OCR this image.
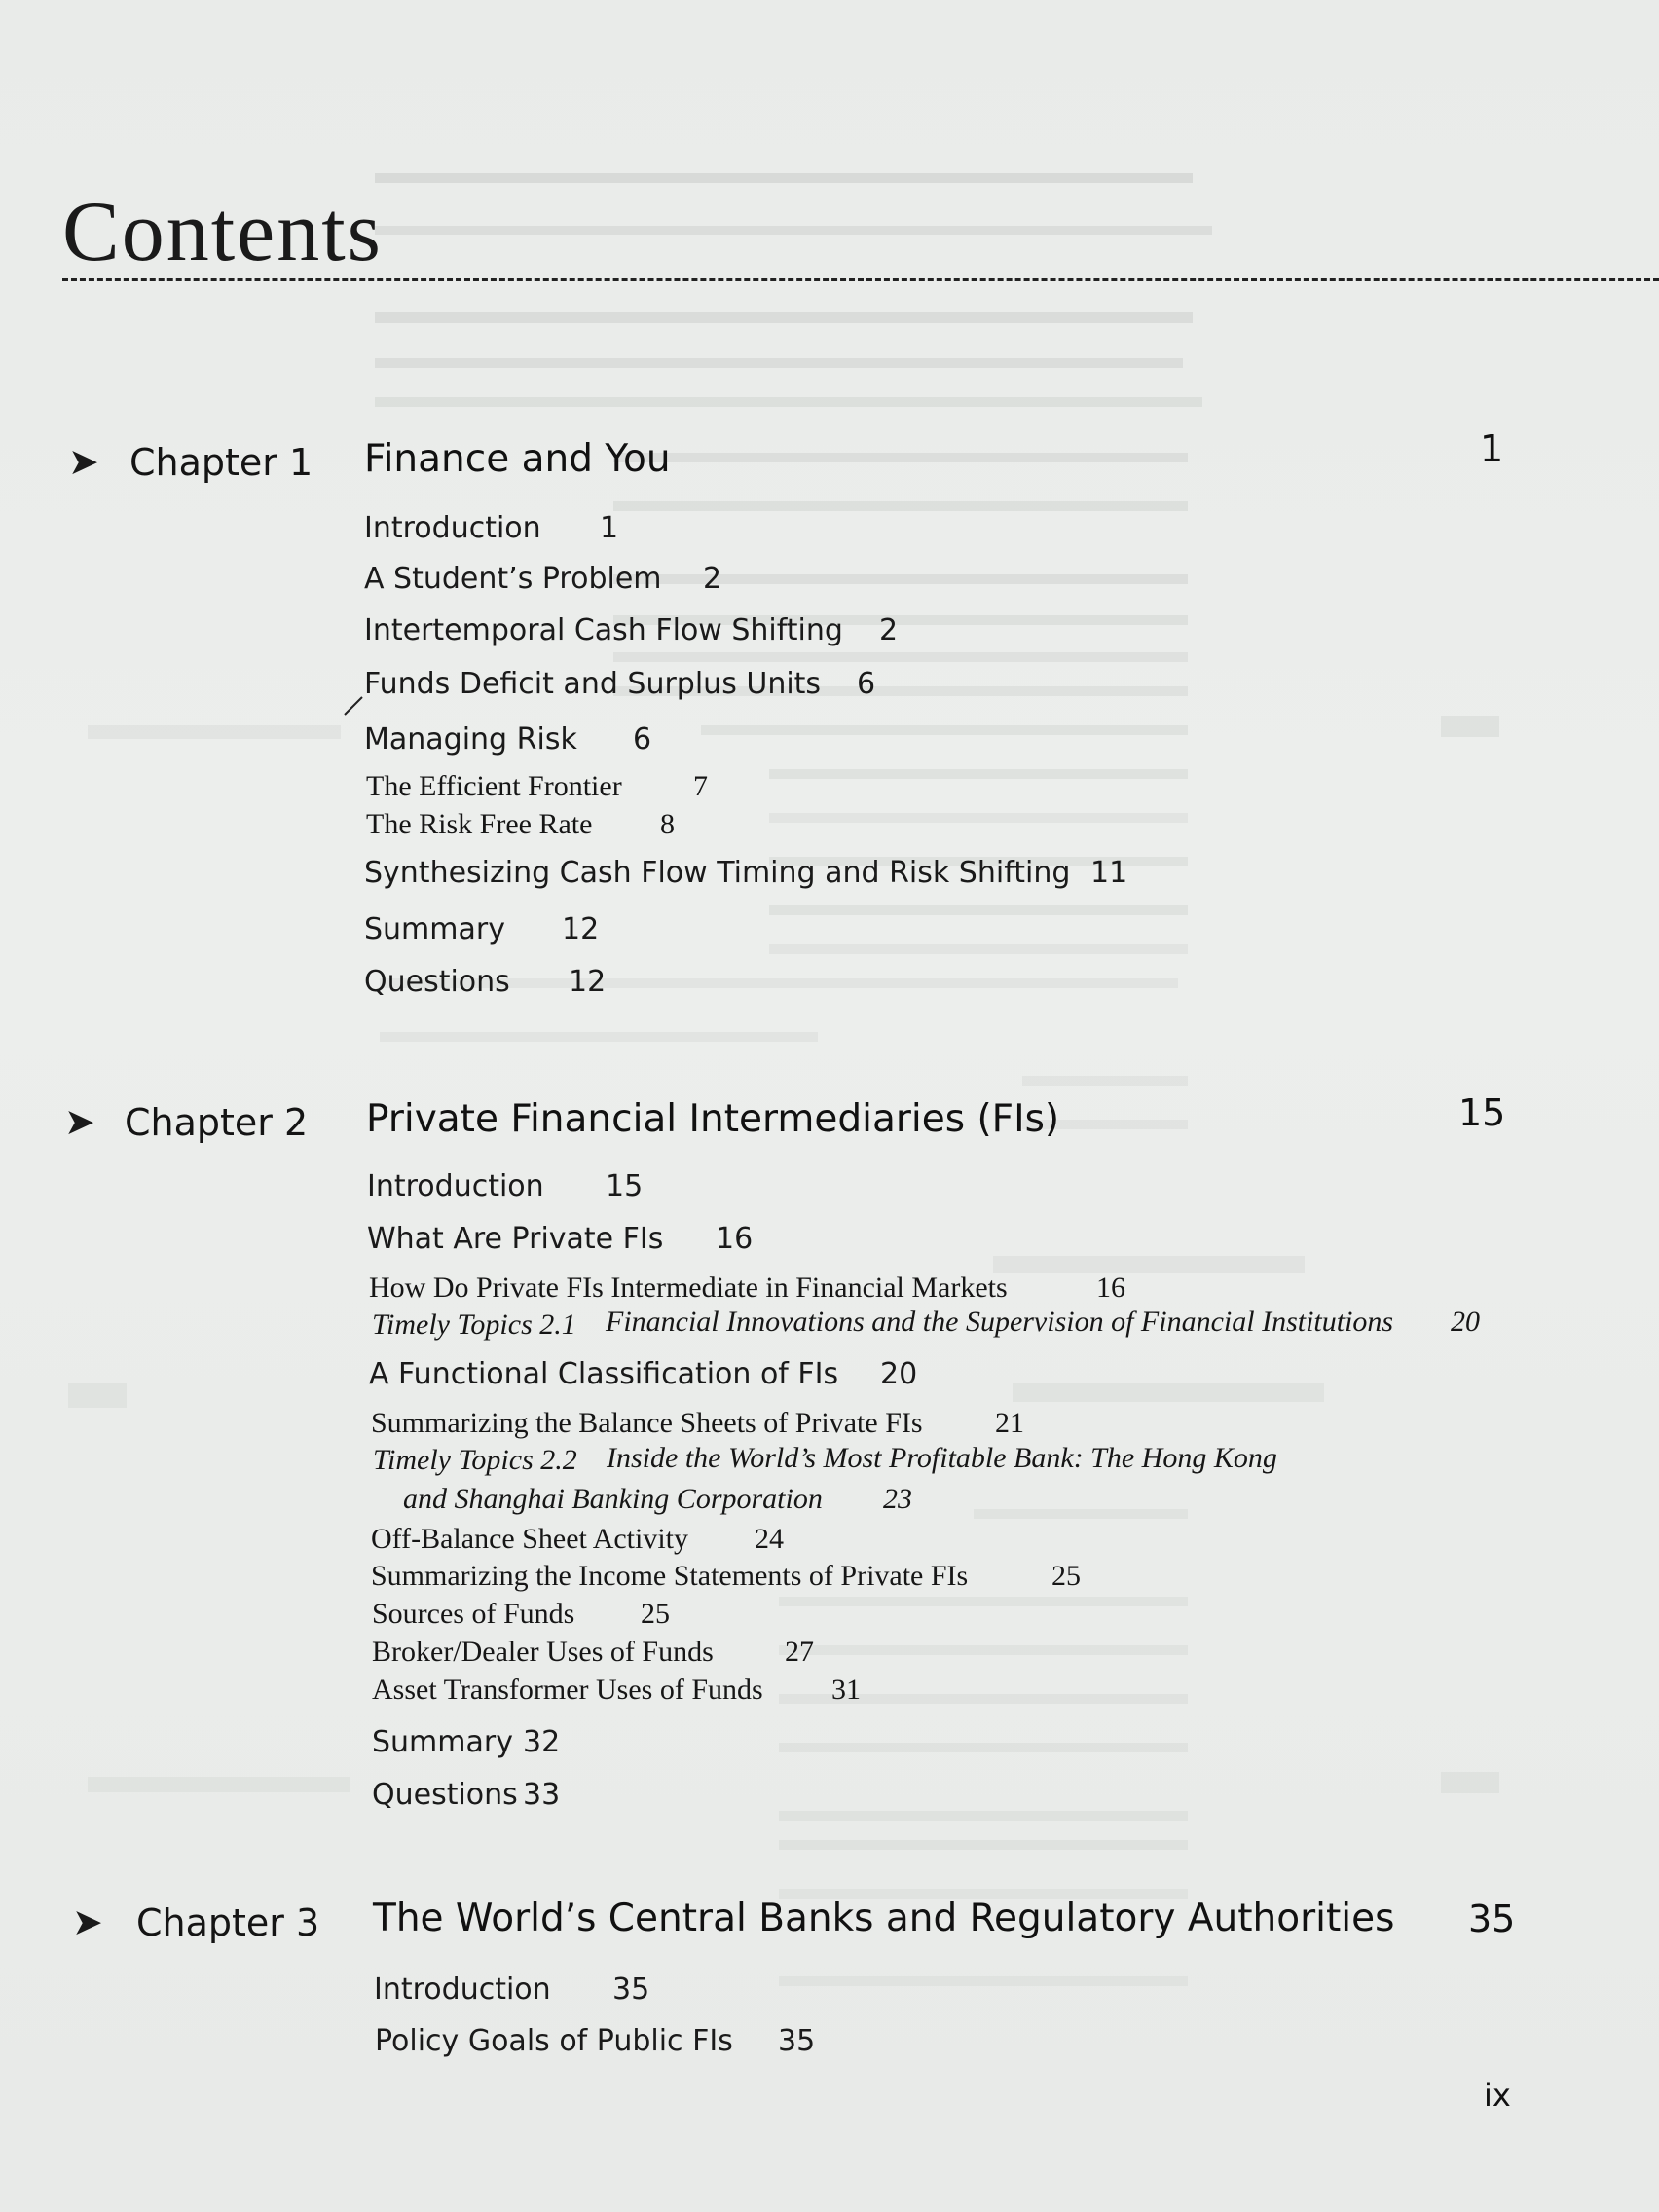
Contents
➤ Chapter 1 Finance and You	1
Introduction 1
A Student’s Problem 2
Intertemporal Cash Flow Shifting 2
Funds Deficit and Surplus Units 6
Managing Risk 6
The Efficient Frontier 7
The Risk Free Rate 8
Synthesizing Cash Flow Timing and Risk Shifting 11
Summary 12
Questions 12
➤ Chapter 2 Private Financial Intermediaries (FIs)	15
Introduction 15
What Are Private FIs 16
How Do Private FIs Intermediate in Financial Markets	16
Timely Topics 2.1 Financial Innovations and the Supervision of Financial Institutions 20
A Functional Classification of FIs 20
Summarizing the Balance Sheets of Private FIs 21
Timely Topics 2.2 Inside the World’s Most Profitable Bank: The Hong Kong
and Shanghai Banking Corporation 23
Off-Balance Sheet Activity 24
Summarizing the Income Statements of Private FIs	25
Sources of Funds 25
Broker/Dealer Uses of Funds 27
Asset Transformer Uses of Funds 31
Summary 32
Questions 33
➤ Chapter 3 The World’s Central Banks and Regulatory Authorities 35
Introduction 35
Policy Goals of Public FIs 35
ix
